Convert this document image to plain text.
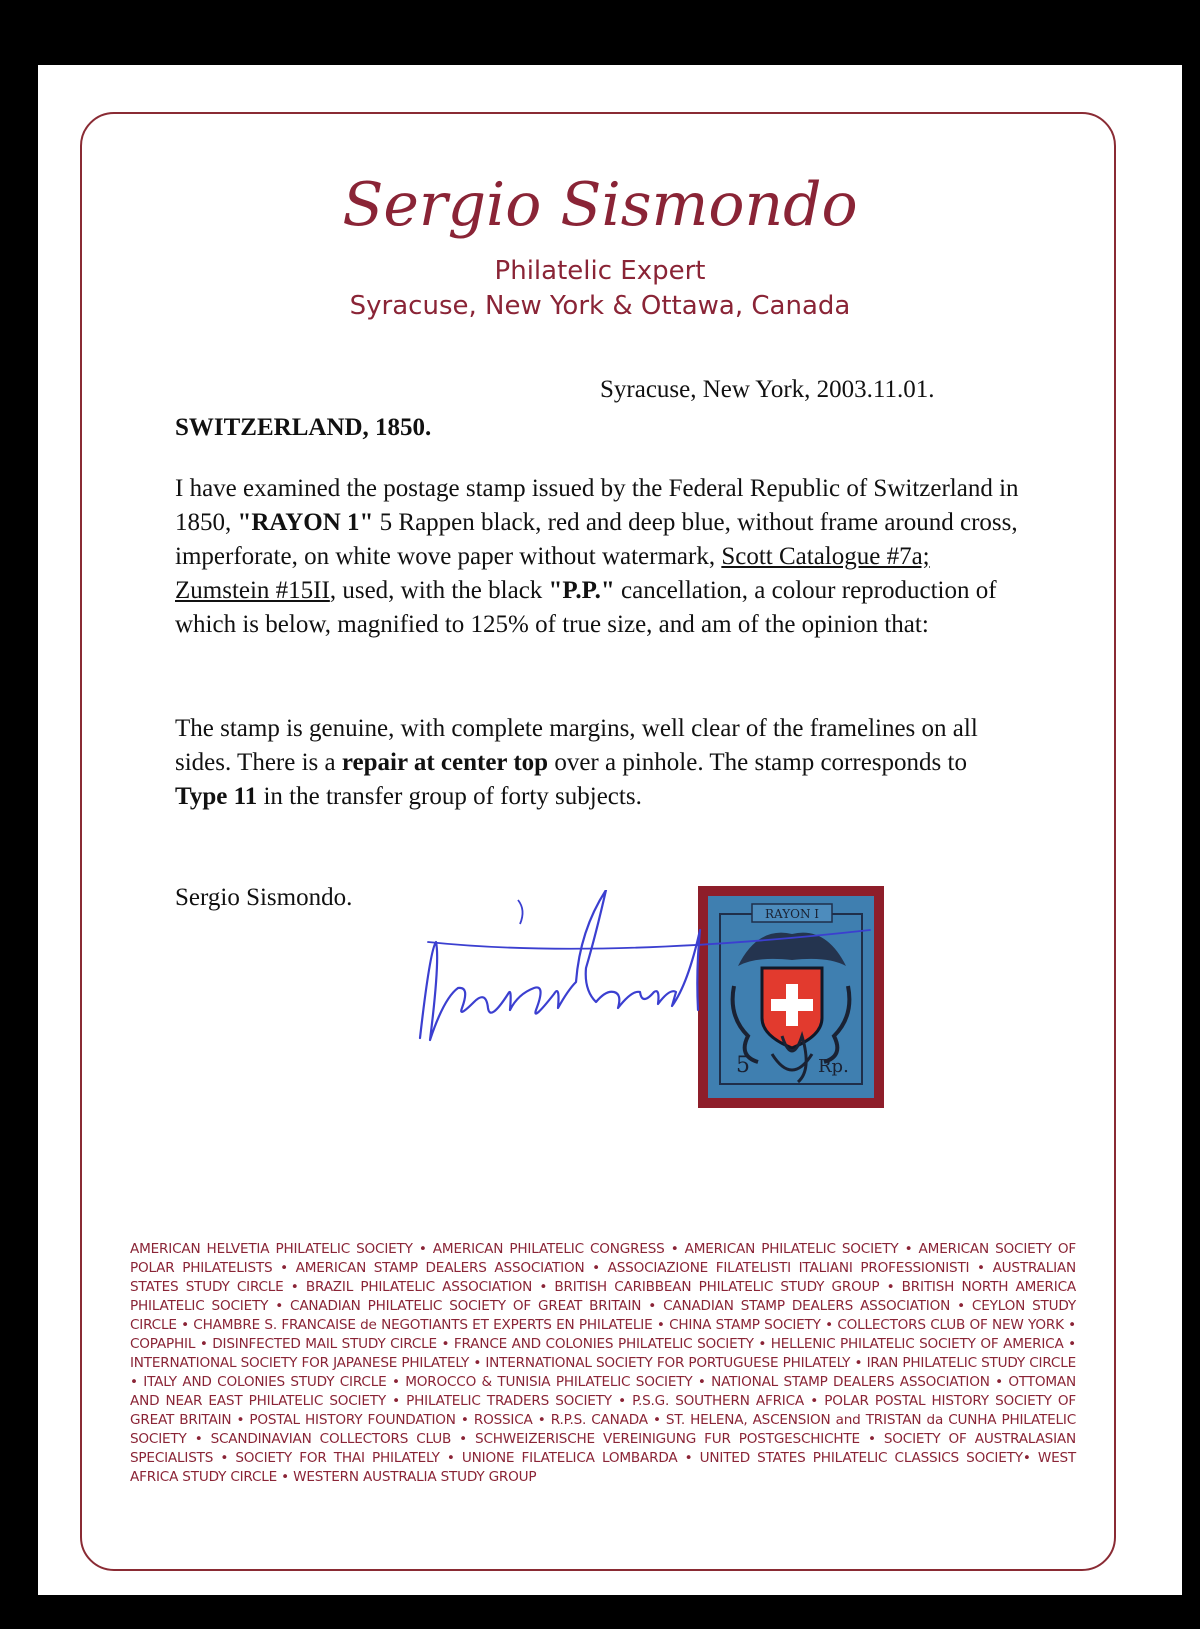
Sergio Sismondo
Philatelic Expert
Syracuse, New York & Ottawa, Canada
Syracuse, New York, 2003.11.01.
SWITZERLAND, 1850.

I have examined the postage stamp issued by the Federal Republic of Switzerland in 1850, "RAYON 1" 5 Rappen black, red and deep blue, without frame around cross, imperforate, on white wove paper without watermark, Scott Catalogue #7a; Zumstein #15II, used, with the black "P.P." cancellation, a colour reproduction of which is below, magnified to 125% of true size, and am of the opinion that:

The stamp is genuine, with complete margins, well clear of the framelines on all sides. There is a repair at center top over a pinhole. The stamp corresponds to Type 11 in the transfer group of forty subjects.

Sergio Sismondo.
RAYON I
5	Rp.

AMERICAN HELVETIA PHILATELIC SOCIETY • AMERICAN PHILATELIC CONGRESS • AMERICAN PHILATELIC SOCIETY • AMERICAN SOCIETY OF POLAR PHILATELISTS • AMERICAN STAMP DEALERS ASSOCIATION • ASSOCIAZIONE FILATELISTI ITALIANI PROFESSIONISTI • AUSTRALIAN STATES STUDY CIRCLE • BRAZIL PHILATELIC ASSOCIATION • BRITISH CARIBBEAN PHILATELIC STUDY GROUP • BRITISH NORTH AMERICA PHILATELIC SOCIETY • CANADIAN PHILATELIC SOCIETY OF GREAT BRITAIN • CANADIAN STAMP DEALERS ASSOCIATION • CEYLON STUDY CIRCLE • CHAMBRE S. FRANCAISE de NEGOTIANTS ET EXPERTS EN PHILATELIE • CHINA STAMP SOCIETY • COLLECTORS CLUB OF NEW YORK • COPAPHIL • DISINFECTED MAIL STUDY CIRCLE • FRANCE AND COLONIES PHILATELIC SOCIETY • HELLENIC PHILATELIC SOCIETY OF AMERICA • INTERNATIONAL SOCIETY FOR JAPANESE PHILATELY • INTERNATIONAL SOCIETY FOR PORTUGUESE PHILATELY • IRAN PHILATELIC STUDY CIRCLE • ITALY AND COLONIES STUDY CIRCLE • MOROCCO & TUNISIA PHILATELIC SOCIETY • NATIONAL STAMP DEALERS ASSOCIATION • OTTOMAN AND NEAR EAST PHILATELIC SOCIETY • PHILATELIC TRADERS SOCIETY • P.S.G. SOUTHERN AFRICA • POLAR POSTAL HISTORY SOCIETY OF GREAT BRITAIN • POSTAL HISTORY FOUNDATION • ROSSICA • R.P.S. CANADA • ST. HELENA, ASCENSION and TRISTAN da CUNHA PHILATELIC SOCIETY • SCANDINAVIAN COLLECTORS CLUB • SCHWEIZERISCHE VEREINIGUNG FUR POSTGESCHICHTE • SOCIETY OF AUSTRALASIAN SPECIALISTS • SOCIETY FOR THAI PHILATELY • UNIONE FILATELICA LOMBARDA • UNITED STATES PHILATELIC CLASSICS SOCIETY• WEST AFRICA STUDY CIRCLE • WESTERN AUSTRALIA STUDY GROUP
